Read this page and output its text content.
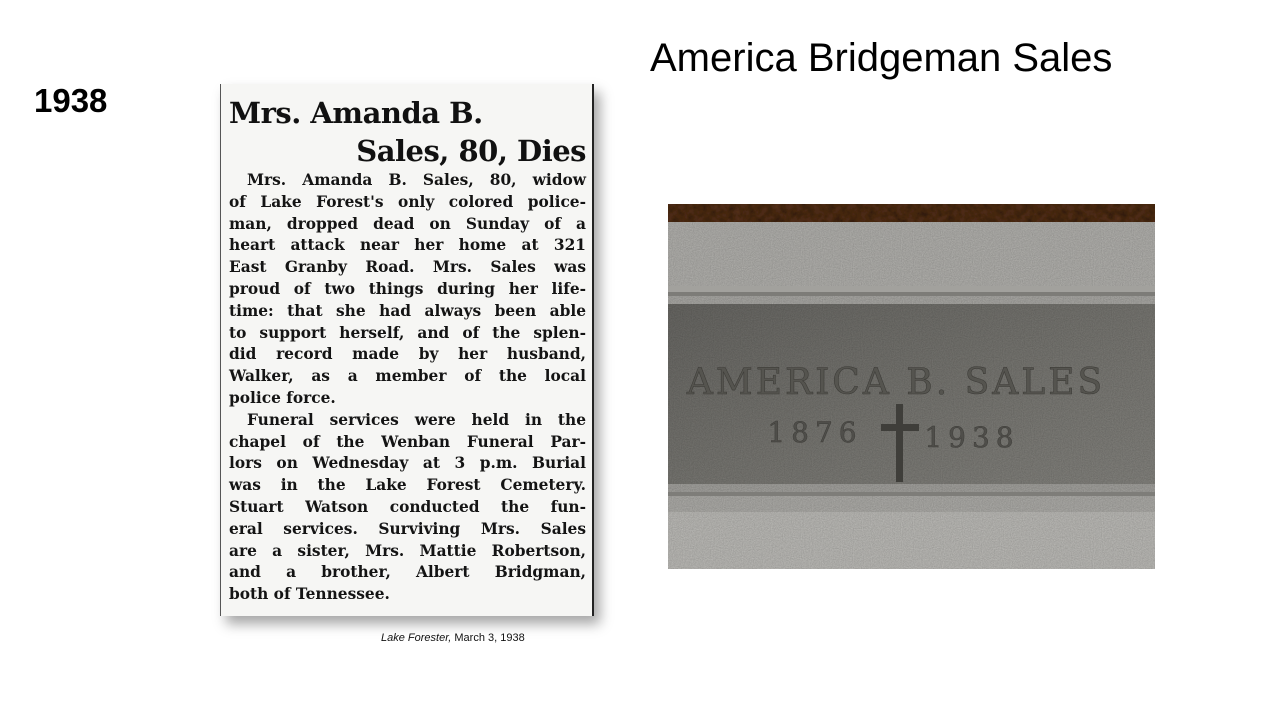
1938
America Bridgeman Sales
Mrs. Amanda B.
Sales, 80, Dies
Mrs. Amanda B. Sales, 80, widow
of Lake Forest's only colored police-
man, dropped dead on Sunday of a
heart attack near her home at 321
East Granby Road. Mrs. Sales was
proud of two things during her life-
time: that she had always been able
to support herself, and of the splen-
did record made by her husband,
Walker, as a member of the local
police force.
Funeral services were held in the
chapel of the Wenban Funeral Par-
lors on Wednesday at 3 p.m. Burial
was in the Lake Forest Cemetery.
Stuart Watson conducted the fun-
eral services. Surviving Mrs. Sales
are a sister, Mrs. Mattie Robertson,
and a brother, Albert Bridgman,
both of Tennessee.
Lake Forester, March 3, 1938
AMERICA B. SALES
1876 1938
